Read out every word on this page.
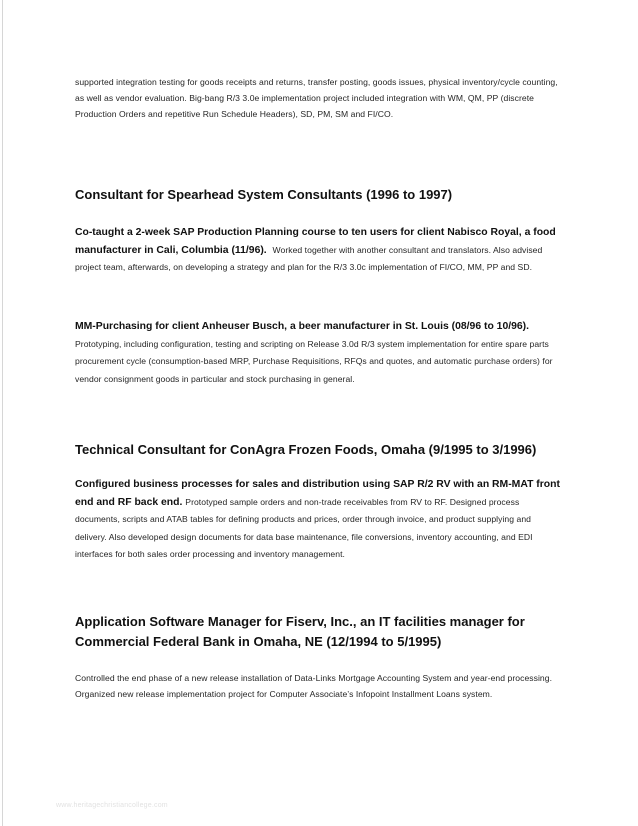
supported integration testing for goods receipts and returns, transfer posting, goods issues, physical inventory/cycle counting, as well as vendor evaluation. Big-bang R/3 3.0e implementation project included integration with WM, QM, PP (discrete Production Orders and repetitive Run Schedule Headers), SD, PM, SM and FI/CO.

Consultant for Spearhead System Consultants (1996 to 1997)

Co-taught a 2-week SAP Production Planning course to ten users for client Nabisco Royal, a food manufacturer in Cali, Columbia (11/96). Worked together with another consultant and translators. Also advised project team, afterwards, on developing a strategy and plan for the R/3 3.0c implementation of FI/CO, MM, PP and SD.

MM-Purchasing for client Anheuser Busch, a beer manufacturer in St. Louis (08/96 to 10/96). Prototyping, including configuration, testing and scripting on Release 3.0d R/3 system implementation for entire spare parts procurement cycle (consumption-based MRP, Purchase Requisitions, RFQs and quotes, and automatic purchase orders) for vendor consignment goods in particular and stock purchasing in general.

Technical Consultant for ConAgra Frozen Foods, Omaha (9/1995 to 3/1996)

Configured business processes for sales and distribution using SAP R/2 RV with an RM-MAT front end and RF back end. Prototyped sample orders and non-trade receivables from RV to RF. Designed process documents, scripts and ATAB tables for defining products and prices, order through invoice, and product supplying and delivery. Also developed design documents for data base maintenance, file conversions, inventory accounting, and EDI interfaces for both sales order processing and inventory management.

Application Software Manager for Fiserv, Inc., an IT facilities manager for Commercial Federal Bank in Omaha, NE (12/1994 to 5/1995)

Controlled the end phase of a new release installation of Data-Links Mortgage Accounting System and year-end processing. Organized new release implementation project for Computer Associate’s Infopoint Installment Loans system.

www.heritagechristiancollege.com
